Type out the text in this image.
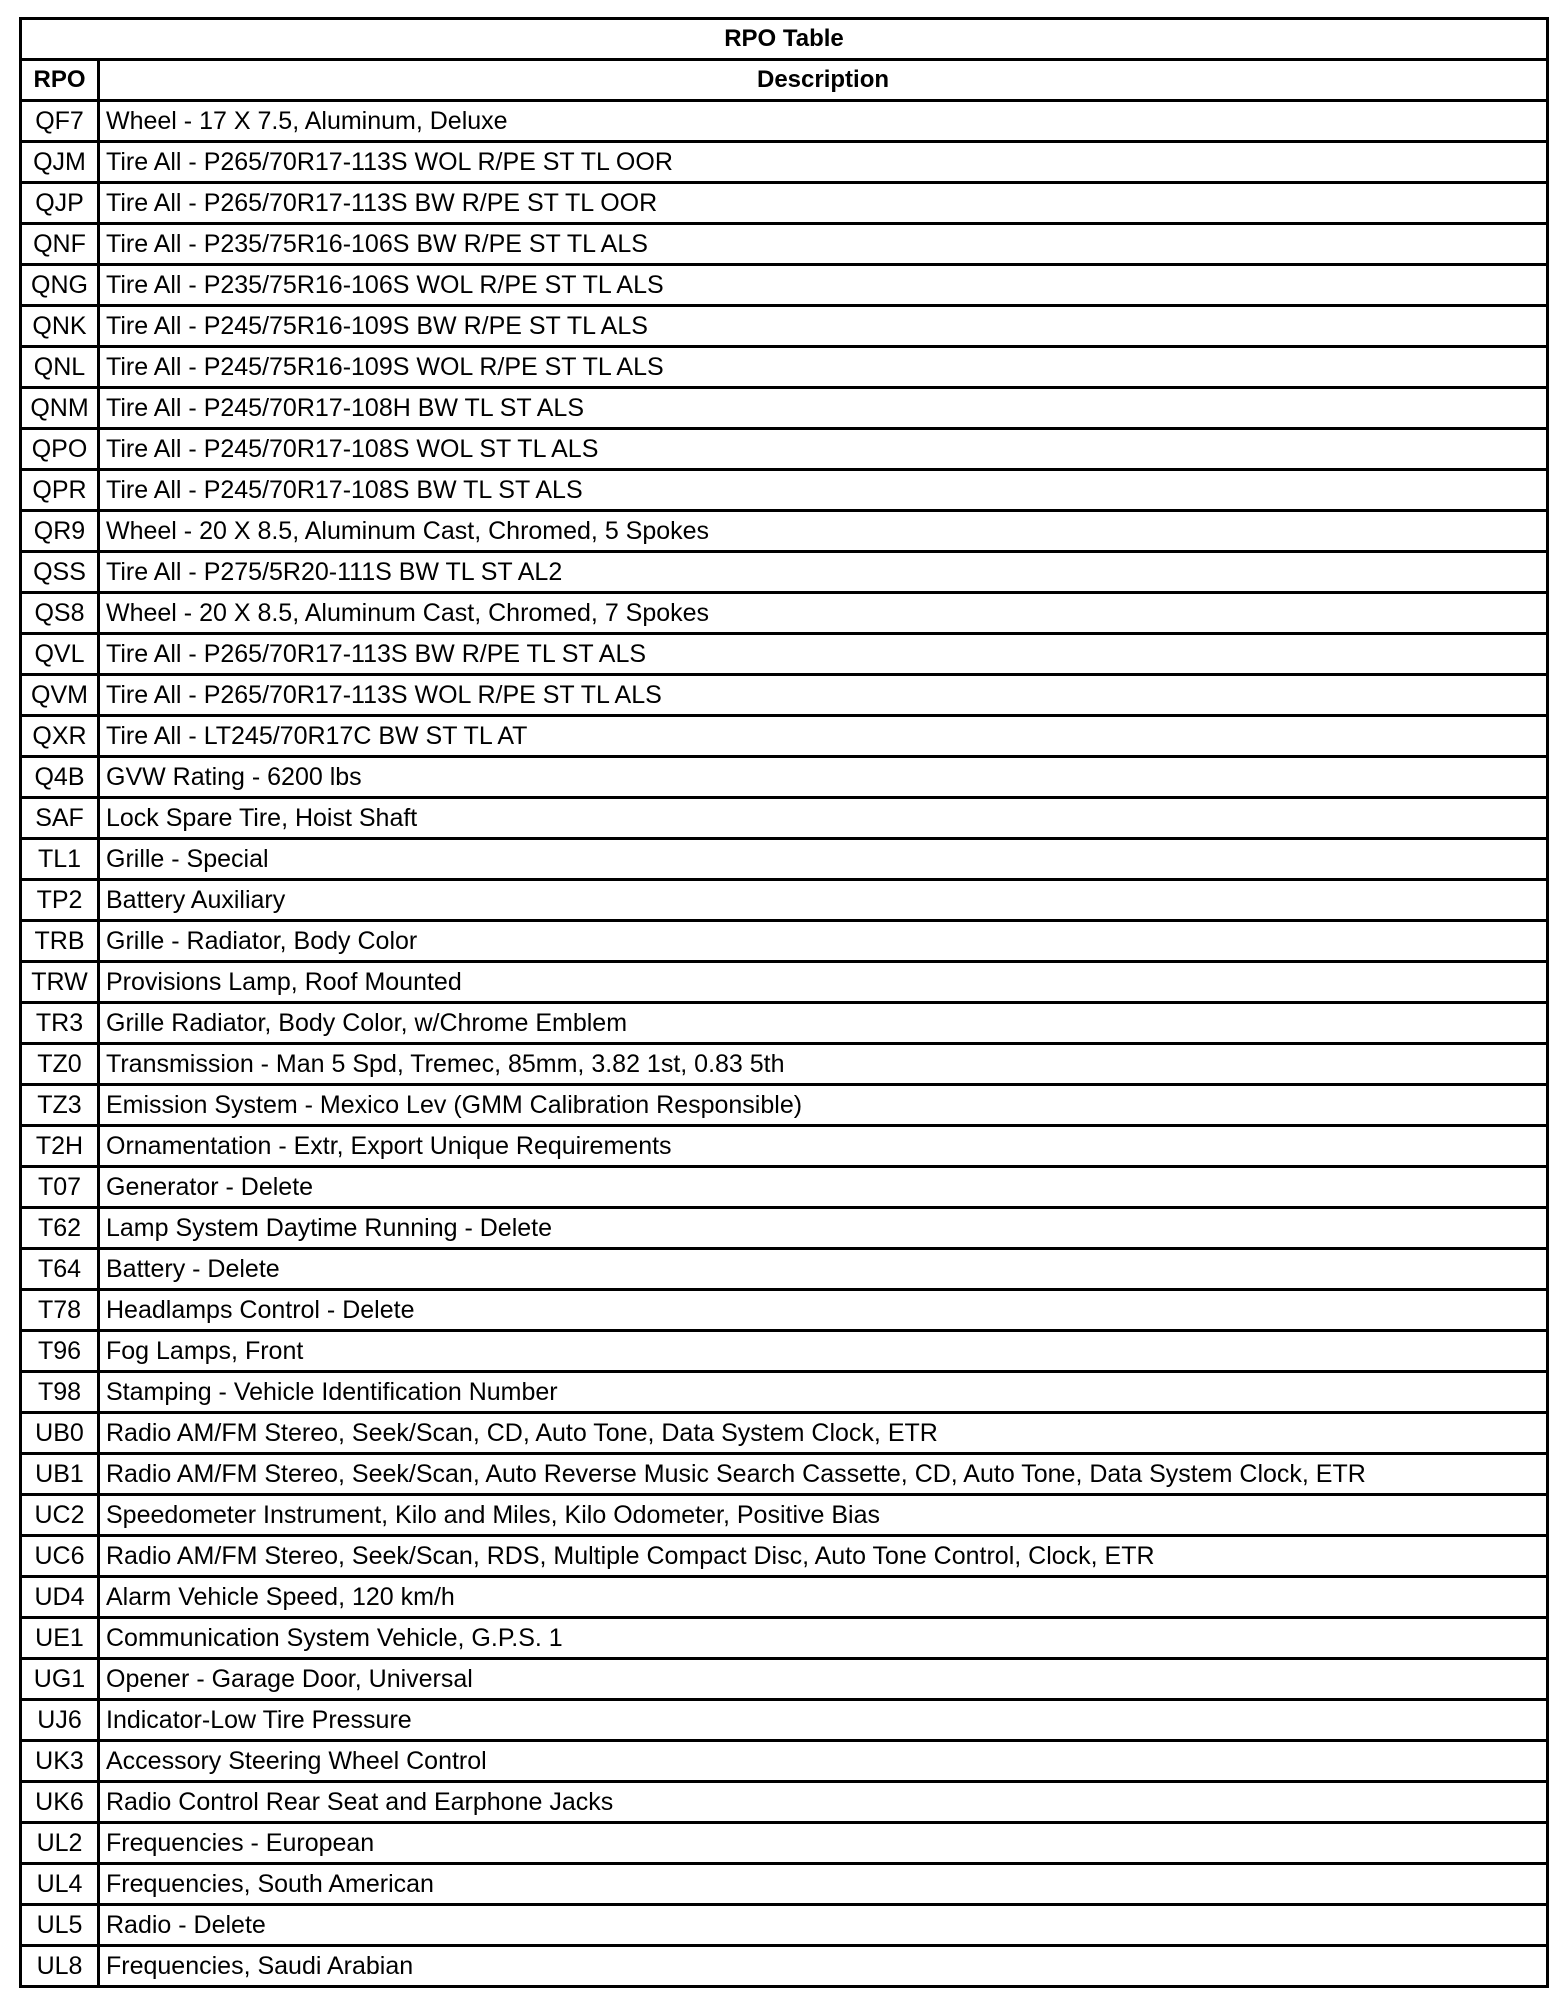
RPO Table
RPO	Description
QF7 Wheel - 17 X 7.5, Aluminum, Deluxe
QJM Tire All - P265/70R17-113S WOL R/PE ST TL OOR
QJP Tire All - P265/70R17-113S BW R/PE ST TL OOR
QNF Tire All - P235/75R16-106S BW R/PE ST TL ALS
QNG Tire All - P235/75R16-106S WOL R/PE ST TL ALS
QNK Tire All - P245/75R16-109S BW R/PE ST TL ALS
QNL Tire All - P245/75R16-109S WOL R/PE ST TL ALS
QNM Tire All - P245/70R17-108H BW TL ST ALS
QPO Tire All - P245/70R17-108S WOL ST TL ALS
QPR Tire All - P245/70R17-108S BW TL ST ALS
QR9 Wheel - 20 X 8.5, Aluminum Cast, Chromed, 5 Spokes
QSS Tire All - P275/5R20-111S BW TL ST AL2
QS8 Wheel - 20 X 8.5, Aluminum Cast, Chromed, 7 Spokes
QVL Tire All - P265/70R17-113S BW R/PE TL ST ALS
QVM Tire All - P265/70R17-113S WOL R/PE ST TL ALS
QXR Tire All - LT245/70R17C BW ST TL AT
Q4B GVW Rating - 6200 lbs
SAF Lock Spare Tire, Hoist Shaft
TL1 Grille - Special
TP2 Battery Auxiliary
TRB Grille - Radiator, Body Color
TRW Provisions Lamp, Roof Mounted
TR3 Grille Radiator, Body Color, w/Chrome Emblem
TZ0 Transmission - Man 5 Spd, Tremec, 85mm, 3.82 1st, 0.83 5th
TZ3 Emission System - Mexico Lev (GMM Calibration Responsible)
T2H Ornamentation - Extr, Export Unique Requirements
T07 Generator - Delete
T62 Lamp System Daytime Running - Delete
T64 Battery - Delete
T78 Headlamps Control - Delete
T96 Fog Lamps, Front
T98 Stamping - Vehicle Identification Number
UB0 Radio AM/FM Stereo, Seek/Scan, CD, Auto Tone, Data System Clock, ETR
UB1 Radio AM/FM Stereo, Seek/Scan, Auto Reverse Music Search Cassette, CD, Auto Tone, Data System Clock, ETR
UC2 Speedometer Instrument, Kilo and Miles, Kilo Odometer, Positive Bias
UC6 Radio AM/FM Stereo, Seek/Scan, RDS, Multiple Compact Disc, Auto Tone Control, Clock, ETR
UD4 Alarm Vehicle Speed, 120 km/h
UE1 Communication System Vehicle, G.P.S. 1
UG1 Opener - Garage Door, Universal
UJ6 Indicator-Low Tire Pressure
UK3 Accessory Steering Wheel Control
UK6 Radio Control Rear Seat and Earphone Jacks
UL2 Frequencies - European
UL4 Frequencies, South American
UL5 Radio - Delete
UL8 Frequencies, Saudi Arabian
